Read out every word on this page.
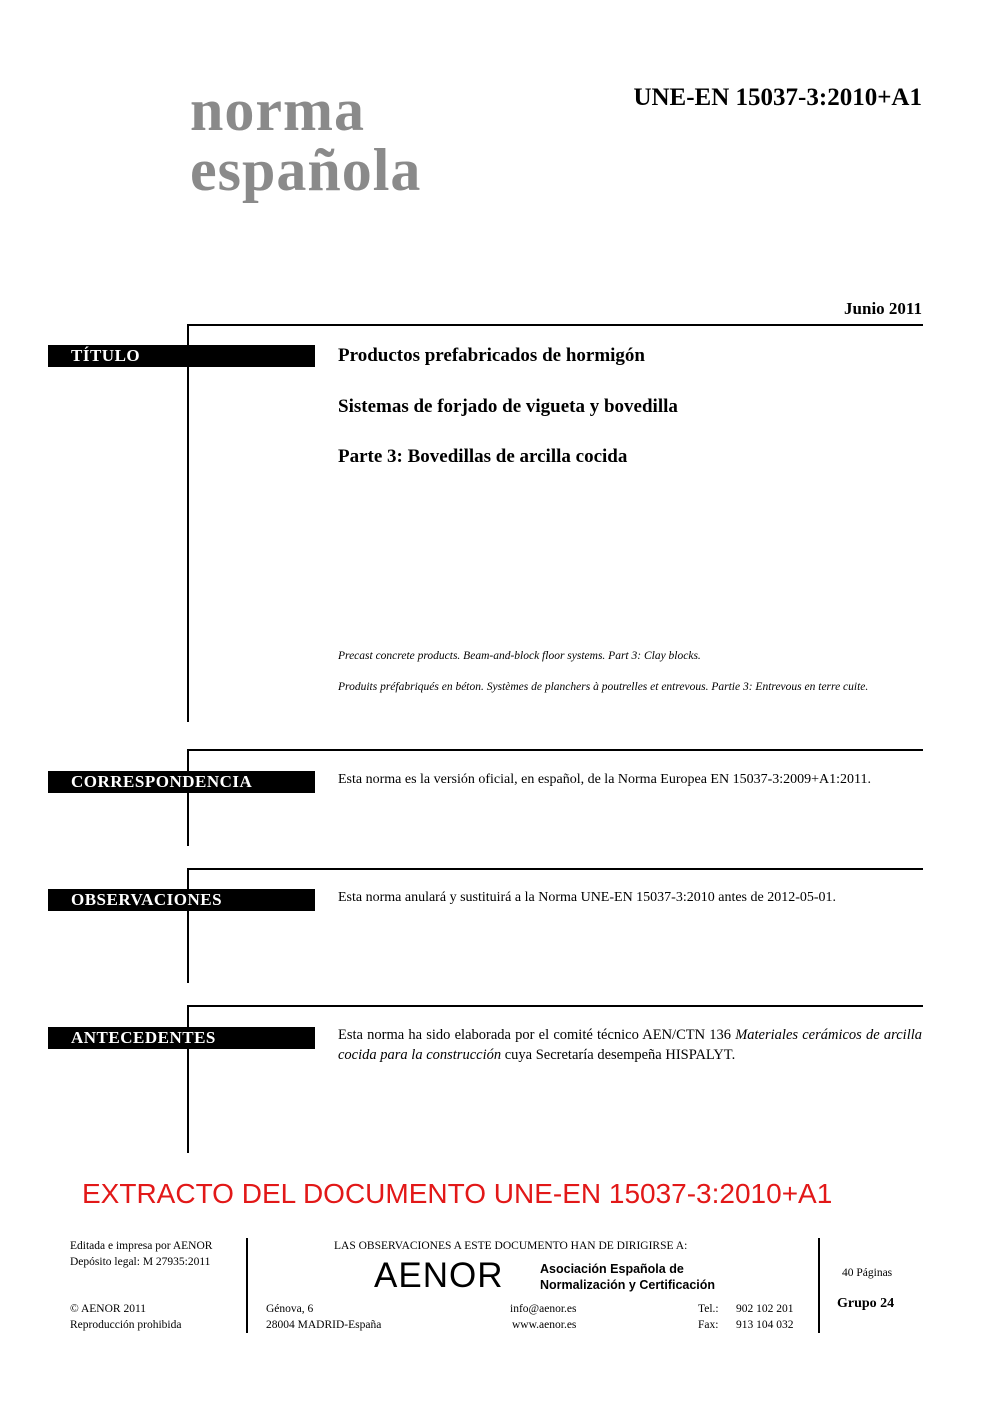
norma
española
UNE-EN 15037-3:2010+A1
Junio 2011
TÍTULO	Productos prefabricados de hormigón
Sistemas de forjado de vigueta y bovedilla
Parte 3: Bovedillas de arcilla cocida
Precast concrete products. Beam-and-block floor systems. Part 3: Clay blocks.
Produits préfabriqués en béton. Systèmes de planchers à poutrelles et entrevous. Partie 3: Entrevous en terre cuite.
CORRESPONDENCIA	Esta norma es la versión oficial, en español, de la Norma Europea EN 15037-3:2009+A1:2011.
OBSERVACIONES	Esta norma anulará y sustituirá a la Norma UNE-EN 15037-3:2010 antes de 2012-05-01.
ANTECEDENTES	Esta norma ha sido elaborada por el comité técnico AEN/CTN 136 Materiales cerámicos de arcilla cocida para la construcción cuya Secretaría desempeña HISPALYT.
EXTRACTO DEL DOCUMENTO UNE-EN 15037-3:2010+A1
Editada e impresa por AENOR
Depósito legal: M 27935:2011
© AENOR 2011
Reproducción prohibida
LAS OBSERVACIONES A ESTE DOCUMENTO HAN DE DIRIGIRSE A:
AENOR	Asociación Española de
Normalización y Certificación
Génova, 6
28004 MADRID-España
info@aenor.es
www.aenor.es
Tel.: 902 102 201
Fax: 913 104 032
40 Páginas
Grupo 24
